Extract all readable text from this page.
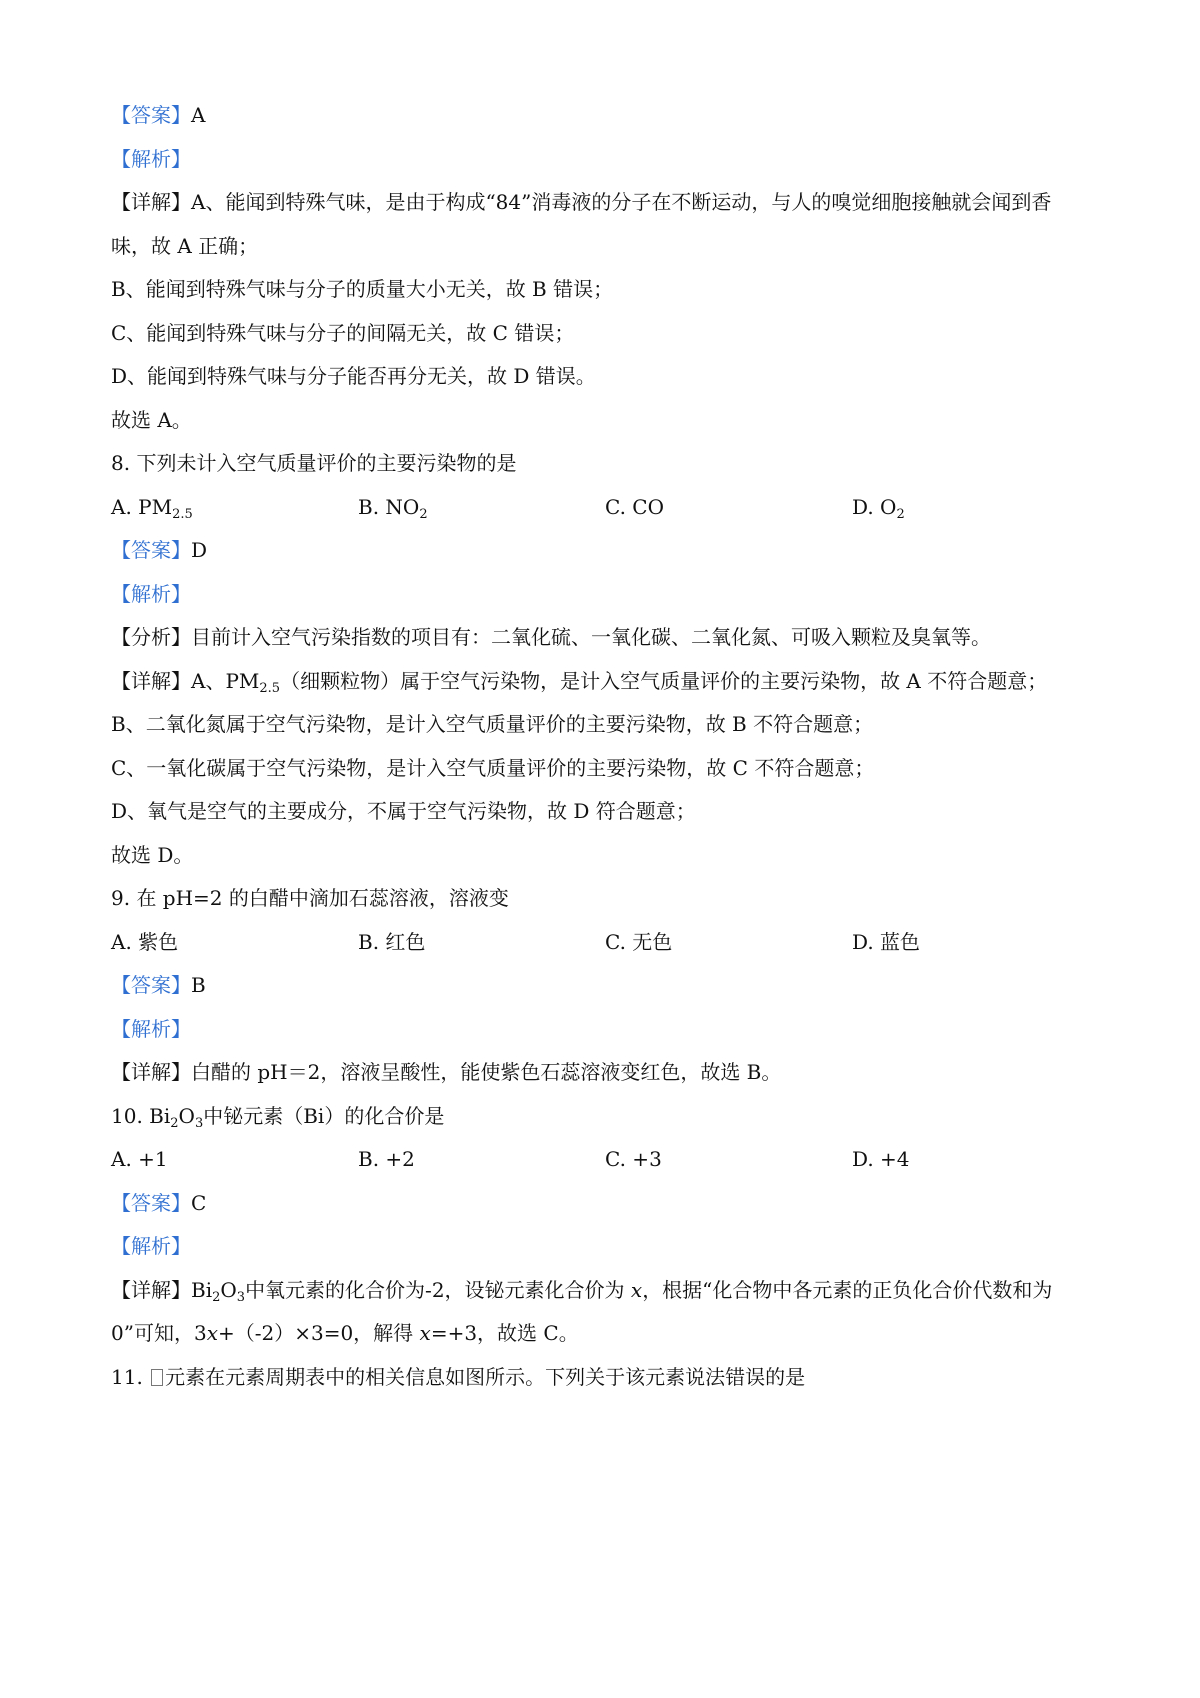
【答案】A
【解析】
【详解】A、能闻到特殊气味，是由于构成“84”消毒液的分子在不断运动，与人的嗅觉细胞接触就会闻到香
味，故 A 正确；
B、能闻到特殊气味与分子的质量大小无关，故 B 错误；
C、能闻到特殊气味与分子的间隔无关，故 C 错误；
D、能闻到特殊气味与分子能否再分无关，故 D 错误。
故选 A。
8. 下列未计入空气质量评价的主要污染物的是
A. $PM_{2.5}$	B. $NO_2$	C. CO	D. $O_2$
【答案】D
【解析】
【分析】目前计入空气污染指数的项目有：二氧化硫、一氧化碳、二氧化氮、可吸入颗粒及臭氧等。
【详解】A、$PM_{2.5}$（细颗粒物）属于空气污染物，是计入空气质量评价的主要污染物，故 A 不符合题意；
B、二氧化氮属于空气污染物，是计入空气质量评价的主要污染物，故 B 不符合题意；
C、一氧化碳属于空气污染物，是计入空气质量评价的主要污染物，故 C 不符合题意；
D、氧气是空气的主要成分，不属于空气污染物，故 D 符合题意；
故选 D。
9. 在 pH=2 的白醋中滴加石蕊溶液，溶液变
A. 紫色	B. 红色	C. 无色	D. 蓝色
【答案】B
【解析】
【详解】白醋的 pH＝2，溶液呈酸性，能使紫色石蕊溶液变红色，故选 B。
10. $Bi_2O_3$中铋元素（Bi）的化合价是
A. +1	B. +2	C. +3	D. +4
【答案】C
【解析】
【详解】$Bi_2O_3$中氧元素的化合价为-2，设铋元素化合价为 x，根据“化合物中各元素的正负化合价代数和为
0”可知，3x+（-2）×3=0，解得 x=+3，故选 C。
11. 元素在元素周期表中的相关信息如图所示。下列关于该元素说法错误的是
